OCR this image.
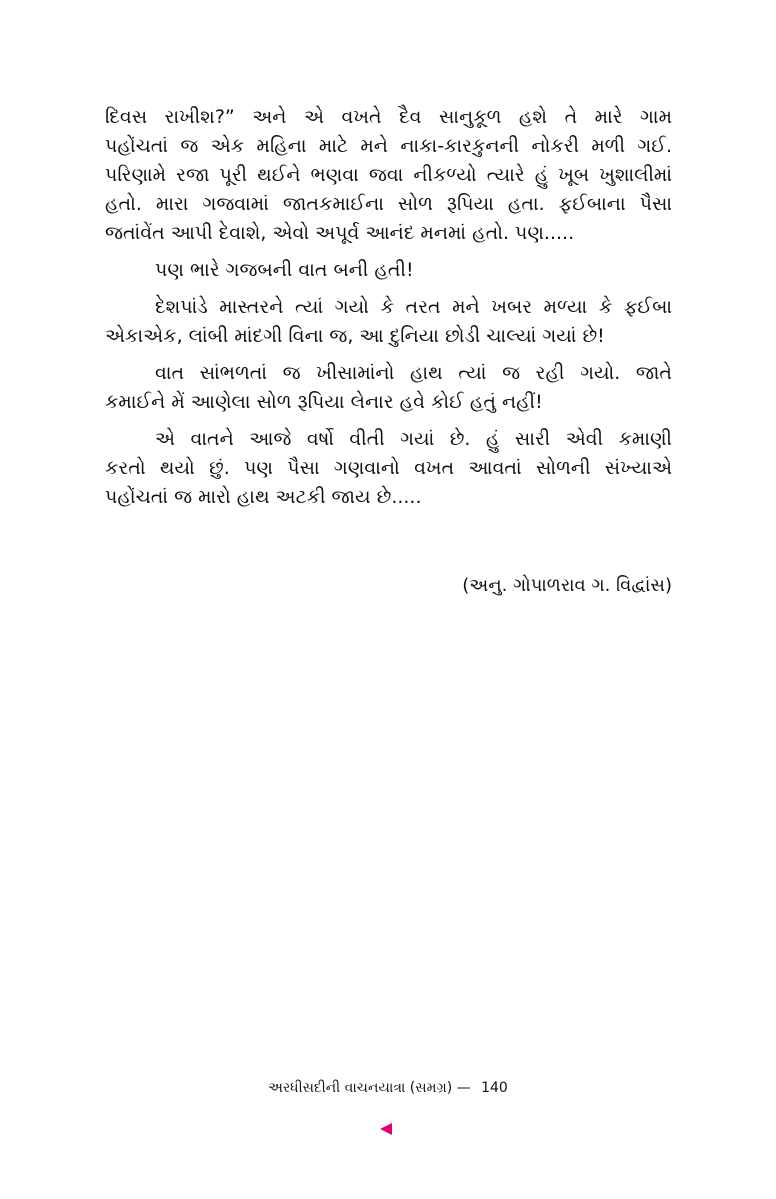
દિવસ રાખીશ?” અને એ વખતે દૈવ સાનુકૂળ હશે તે મારે ગામ
પહોંચતાં જ એક મહિના માટે મને નાકા-કારકુનની નોકરી મળી ગઈ.
પરિણામે રજા પૂરી થઈને ભણવા જવા નીકળ્યો ત્યારે હું ખૂબ ખુશાલીમાં
હતો. મારા ગજવામાં જાતકમાઈના સોળ રૂપિયા હતા. ફઈબાના પૈસા
જતાંવેંત આપી દેવાશે, એવો અપૂર્વ આનંદ મનમાં હતો. પણ.....
પણ ભારે ગજબની વાત બની હતી!
દેશપાંડે માસ્તરને ત્યાં ગયો કે તરત મને ખબર મળ્યા કે ફઈબા
એકાએક, લાંબી માંદગી વિના જ, આ દુનિયા છોડી ચાલ્યાં ગયાં છે!
વાત સાંભળતાં જ ખીસામાંનો હાથ ત્યાં જ રહી ગયો. જાતે
કમાઈને મેં આણેલા સોળ રૂપિયા લેનાર હવે કોઈ હતું નહીં!
એ વાતને આજે વર્ષો વીતી ગયાં છે. હું સારી એવી કમાણી
કરતો થયો છું. પણ પૈસા ગણવાનો વખત આવતાં સોળની સંખ્યાએ
પહોંચતાં જ મારો હાથ અટકી જાય છે.....
(અનુ. ગોપાળરાવ ગ. વિદ્વાંસ)
અરધીસદીની વાચનયાત્રા (સમગ્ર) — 140
